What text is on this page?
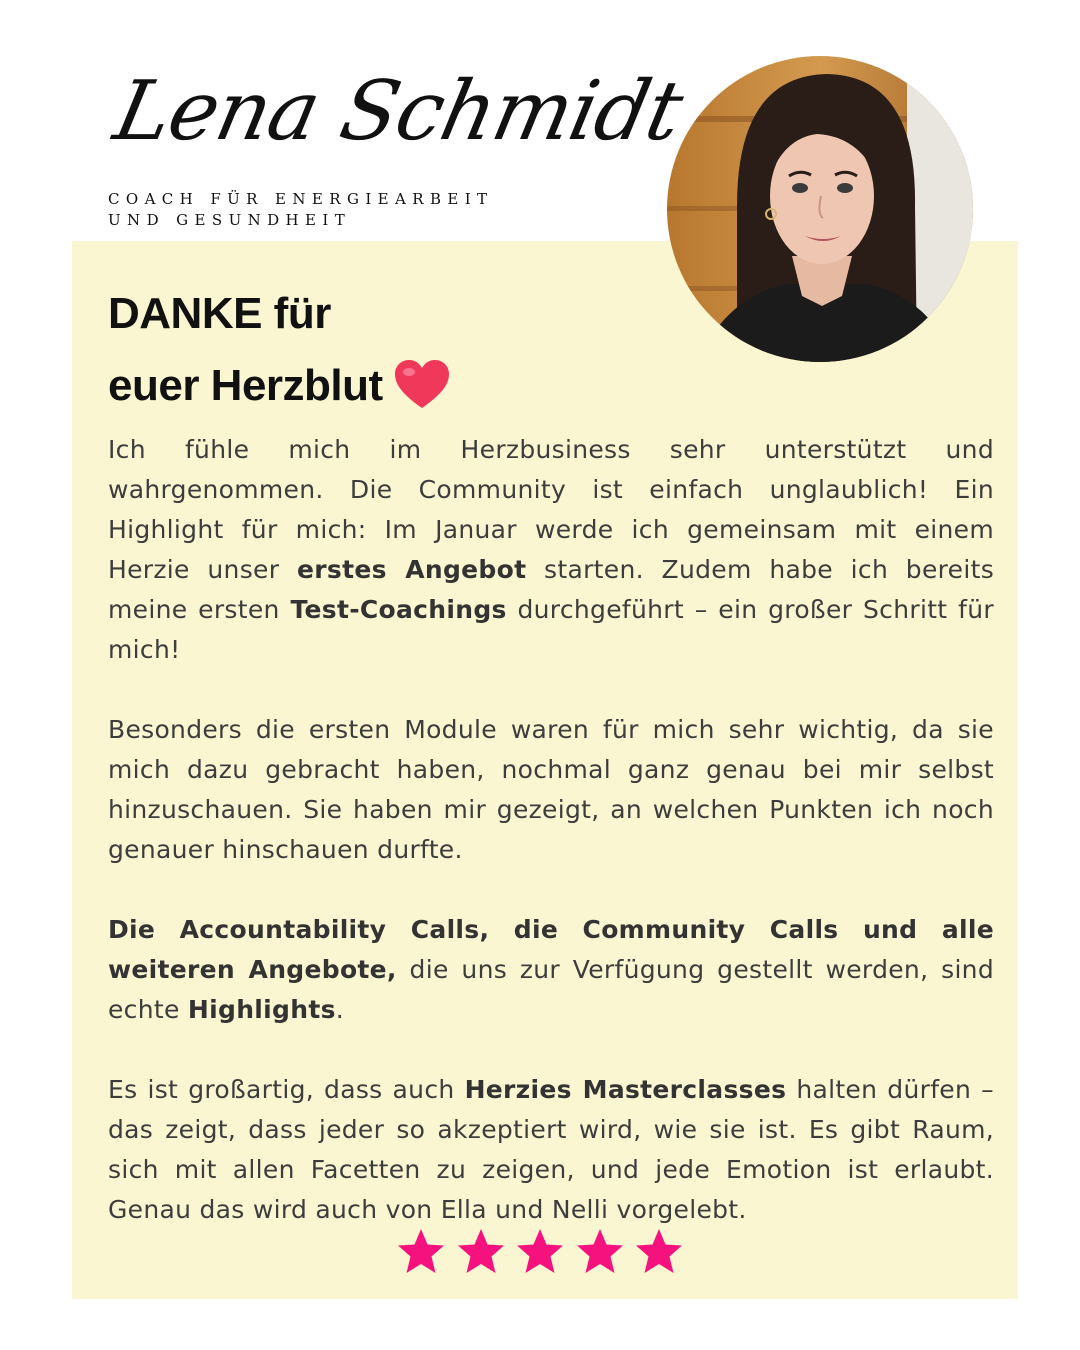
Lena Schmidt
COACH FÜR ENERGIEARBEIT
UND GESUNDHEIT
DANKE für
euer Herzblut

Ich fühle mich im Herzbusiness sehr unterstützt und wahrgenommen. Die Community ist einfach unglaublich! Ein Highlight für mich: Im Januar werde ich gemeinsam mit einem Herzie unser erstes Angebot starten. Zudem habe ich bereits meine ersten Test-Coachings durchgeführt – ein großer Schritt für mich!

Besonders die ersten Module waren für mich sehr wichtig, da sie mich dazu gebracht haben, nochmal ganz genau bei mir selbst hinzuschauen. Sie haben mir gezeigt, an welchen Punkten ich noch genauer hinschauen durfte.

Die Accountability Calls, die Community Calls und alle weiteren Angebote, die uns zur Verfügung gestellt werden, sind echte Highlights.

Es ist großartig, dass auch Herzies Masterclasses halten dürfen – das zeigt, dass jeder so akzeptiert wird, wie sie ist. Es gibt Raum, sich mit allen Facetten zu zeigen, und jede Emotion ist erlaubt. Genau das wird auch von Ella und Nelli vorgelebt.
